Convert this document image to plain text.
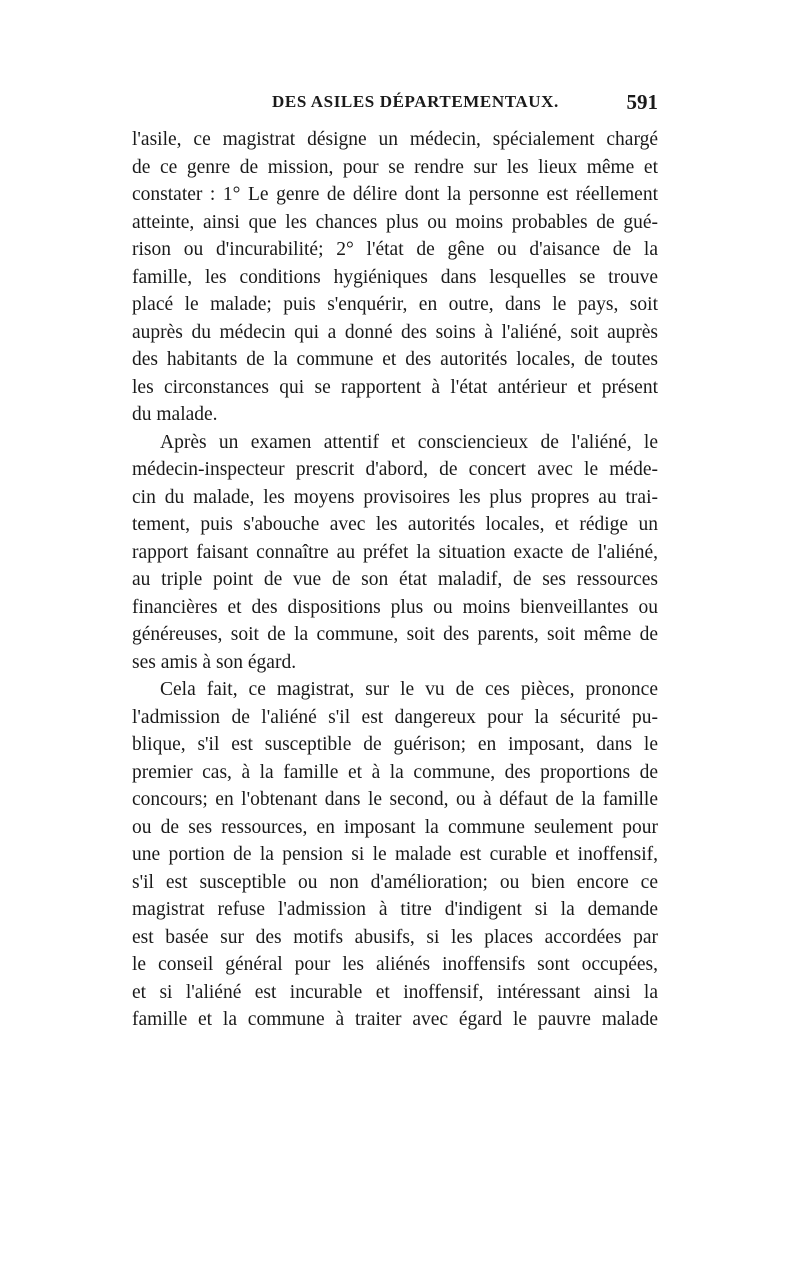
DES ASILES DÉPARTEMENTAUX.	591
l'asile, ce magistrat désigne un médecin, spécialement chargé
de ce genre de mission, pour se rendre sur les lieux même et
constater : 1° Le genre de délire dont la personne est réellement
atteinte, ainsi que les chances plus ou moins probables de gué-
rison ou d'incurabilité; 2° l'état de gêne ou d'aisance de la
famille, les conditions hygiéniques dans lesquelles se trouve
placé le malade; puis s'enquérir, en outre, dans le pays, soit
auprès du médecin qui a donné des soins à l'aliéné, soit auprès
des habitants de la commune et des autorités locales, de toutes
les circonstances qui se rapportent à l'état antérieur et présent
du malade.
Après un examen attentif et consciencieux de l'aliéné, le
médecin-inspecteur prescrit d'abord, de concert avec le méde-
cin du malade, les moyens provisoires les plus propres au trai-
tement, puis s'abouche avec les autorités locales, et rédige un
rapport faisant connaître au préfet la situation exacte de l'aliéné,
au triple point de vue de son état maladif, de ses ressources
financières et des dispositions plus ou moins bienveillantes ou
généreuses, soit de la commune, soit des parents, soit même de
ses amis à son égard.
Cela fait, ce magistrat, sur le vu de ces pièces, prononce
l'admission de l'aliéné s'il est dangereux pour la sécurité pu-
blique, s'il est susceptible de guérison; en imposant, dans le
premier cas, à la famille et à la commune, des proportions de
concours; en l'obtenant dans le second, ou à défaut de la famille
ou de ses ressources, en imposant la commune seulement pour
une portion de la pension si le malade est curable et inoffensif,
s'il est susceptible ou non d'amélioration; ou bien encore ce
magistrat refuse l'admission à titre d'indigent si la demande
est basée sur des motifs abusifs, si les places accordées par
le conseil général pour les aliénés inoffensifs sont occupées,
et si l'aliéné est incurable et inoffensif, intéressant ainsi la
famille et la commune à traiter avec égard le pauvre malade
